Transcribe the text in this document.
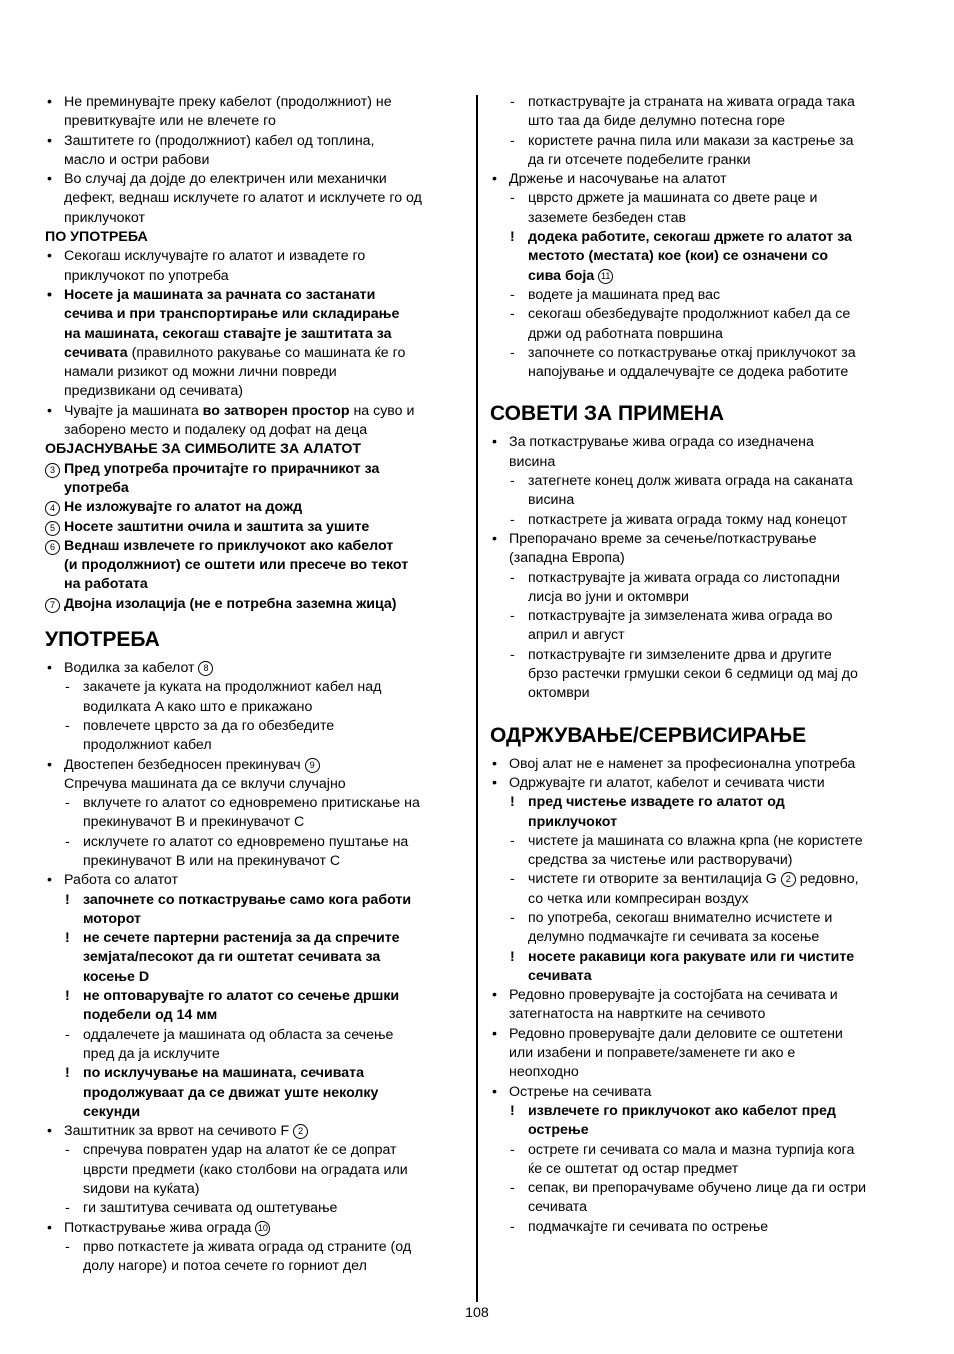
• Не преминувајте преку кабелот (продолжниот) не
превиткувајте или не влечете го
• Заштитете го (продолжниот) кабел од топлина,
масло и остри рабови
• Во случај да дојде до електричен или механички
дефект, веднаш исклучете го алатот и исклучете го од
приклучокот
ПО УПОТРЕБА
• Секогаш исклучувајте го алатот и извадете го
приклучокот по употреба
• Носете ја машината за рачната со застанати
сечива и при транспортирање или складирање
на машината, секогаш ставајте је заштитата за
сечивата (правилното ракување со машината ќе го
намали ризикот од можни лични повреди
предизвикани од сечивата)
• Чувајте ја машината во затворен простор на суво и
заборено место и подалеку од дофат на деца
ОБЈАСНУВАЊЕ ЗА СИМБОЛИТЕ ЗА АЛАТОТ
3 Пред употреба прочитајте го прирачникот за
употреба
4 Не изложувајте го алатот на дожд
5 Носете заштитни очила и заштита за ушите
6 Веднаш извлечете го приклучокот ако кабелот
(и продолжниот) се оштети или пресече во текот
на работата
7 Двојна изолација (не е потребна заземна жица)
УПОТРЕБА
• Водилка за кабелот 8
- закачете ја куката на продолжниот кабел над
водилката A како што е прикажано
- повлечете цврсто за да го обезбедите
продолжниот кабел
• Двостепен безбедносен прекинувач 9
Спречува машината да се вклучи случајно
- вклучете го алатот со едновремено притискање на
прекинувачот B и прекинувачот C
- исклучете го алатот со едновремено пуштање на
прекинувачот B или на прекинувачот C
• Работа со алатот
! започнете со поткаструвањe само кога работи
моторот
! не сечете партерни растенија за да спречите
земјата/песокот да ги оштетат сечивата за
косење D
! не оптоварувајте го алатот со сечење дршки
подебели од 14 мм
- оддалечете ја машината од областа за сечење
пред да ја исклучите
! по исклучување на машината, сечивата
продолжуваат да се движат уште неколку
секунди
• Заштитник за врвот на сечивото F 2
- спречува повратен удар на алатот ќе се допрат
цврсти предмети (како столбови на оградата или
ѕидови на куќата)
- ги заштитува сечивата од оштетување
• Поткаструвањe жива ограда 10
- прво поткастете ја живата ограда од страните (од
долу нагоре) и потоа сечете го горниот дел
- поткаструвајте ја страната на живата ограда така
што таа да биде делумно потесна горе
- користете рачна пила или макази за кастрење за
да ги отсечете подебелите гранки
• Држење и насочување на алатот
- цврсто држете ја машината со двете раце и
заземете безбеден став
! додека работите, секогаш држете го алатот за
местото (местата) кое (кои) се означени со
сива боја 11
- водете ја машината пред вас
- секогаш обезбедувајте продолжниот кабел да се
држи од работната површина
- започнете со поткаструвањe откај приклучокот за
напојување и оддалечувајте се додека работите
СОВЕТИ ЗА ПРИМЕНА
• За поткаструвањe жива ограда со изедначена
висина
- затегнете конец долж живата ограда на саканата
висина
- поткастрете ја живата ограда токму над конецот
• Препорачано време за сечење/поткаструвањe
(западна Европа)
- поткаструвајте ја живата ограда со листопадни
лисја во јуни и октомври
- поткаструвајте ја зимзелената жива ограда во
април и август
- поткаструвајте ги зимзелените дрва и другите
брзо растечки грмушки секои 6 седмици од мај до
октомври
ОДРЖУВАЊЕ/СЕРВИСИРАЊЕ
• Овој алат не е наменет за професионална употреба
• Одржувајте ги алатот, кабелот и сечивата чисти
! пред чистење извадете го алатот од
приклучокот
- чистете ја машината со влажна крпа (не користете
средства за чистење или растворувачи)
- чистете ги отворите за вентилација G 2 редовно,
со четка или компресиран воздух
- по употреба, секогаш внимателно исчистете и
делумно подмачкајте ги сечивата за косење
! носете ракавици кога ракувате или ги чистите
сечивата
• Редовно проверувајте ја состојбата на сечивата и
затегнатоста на навртките на сечивото
• Редовно проверувајте дали деловите се оштетени
или изабени и поправете/заменете ги ако е
неопходно
• Острење на сечивата
! извлечете го приклучокот ако кабелот пред
острење
- острете ги сечивата со мала и мазна турпија кога
ќе се оштетат од остар предмет
- сепак, ви препорачуваме обучено лице да ги остри
сечивата
- подмачкајте ги сечивата по острење
108
